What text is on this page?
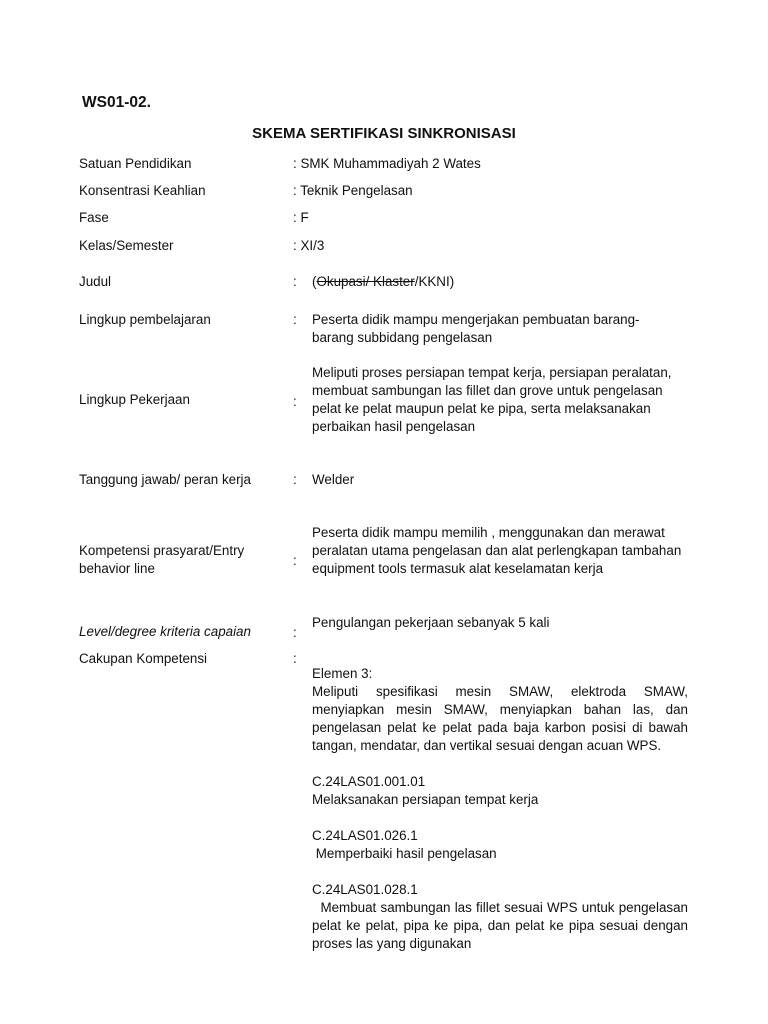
WS01-02.
SKEMA SERTIFIKASI SINKRONISASI
Satuan Pendidikan	: SMK Muhammadiyah 2 Wates
Konsentrasi Keahlian	: Teknik Pengelasan
Fase	: F
Kelas/Semester	: XI/3
Judul	: (Okupasi/ Klaster/KKNI)
Lingkup pembelajaran	: Peserta didik mampu mengerjakan pembuatan barang-barang subbidang pengelasan
Lingkup Pekerjaan	:
Meliputi proses persiapan tempat kerja, persiapan peralatan, membuat sambungan las fillet dan grove untuk pengelasan pelat ke pelat maupun pelat ke pipa, serta melaksanakan perbaikan hasil pengelasan
Tanggung jawab/ peran kerja	: Welder
Kompetensi prasyarat/Entry behavior line
:
Peserta didik mampu memilih , menggunakan dan merawat peralatan utama pengelasan dan alat perlengkapan tambahan equipment tools termasuk alat keselamatan kerja
Level/degree kriteria capaian	:
Pengulangan pekerjaan sebanyak 5 kali
Cakupan Kompetensi	:

Elemen 3:

Meliputi spesifikasi mesin SMAW, elektroda SMAW, menyiapkan mesin SMAW, menyiapkan bahan las, dan pengelasan pelat ke pelat pada baja karbon posisi di bawah tangan, mendatar, dan vertikal sesuai dengan acuan WPS.

C.24LAS01.001.01

Melaksanakan persiapan tempat kerja

C.24LAS01.026.1

Memperbaiki hasil pengelasan

C.24LAS01.028.1

Membuat sambungan las fillet sesuai WPS untuk pengelasan pelat ke pelat, pipa ke pipa, dan pelat ke pipa sesuai dengan proses las yang digunakan
